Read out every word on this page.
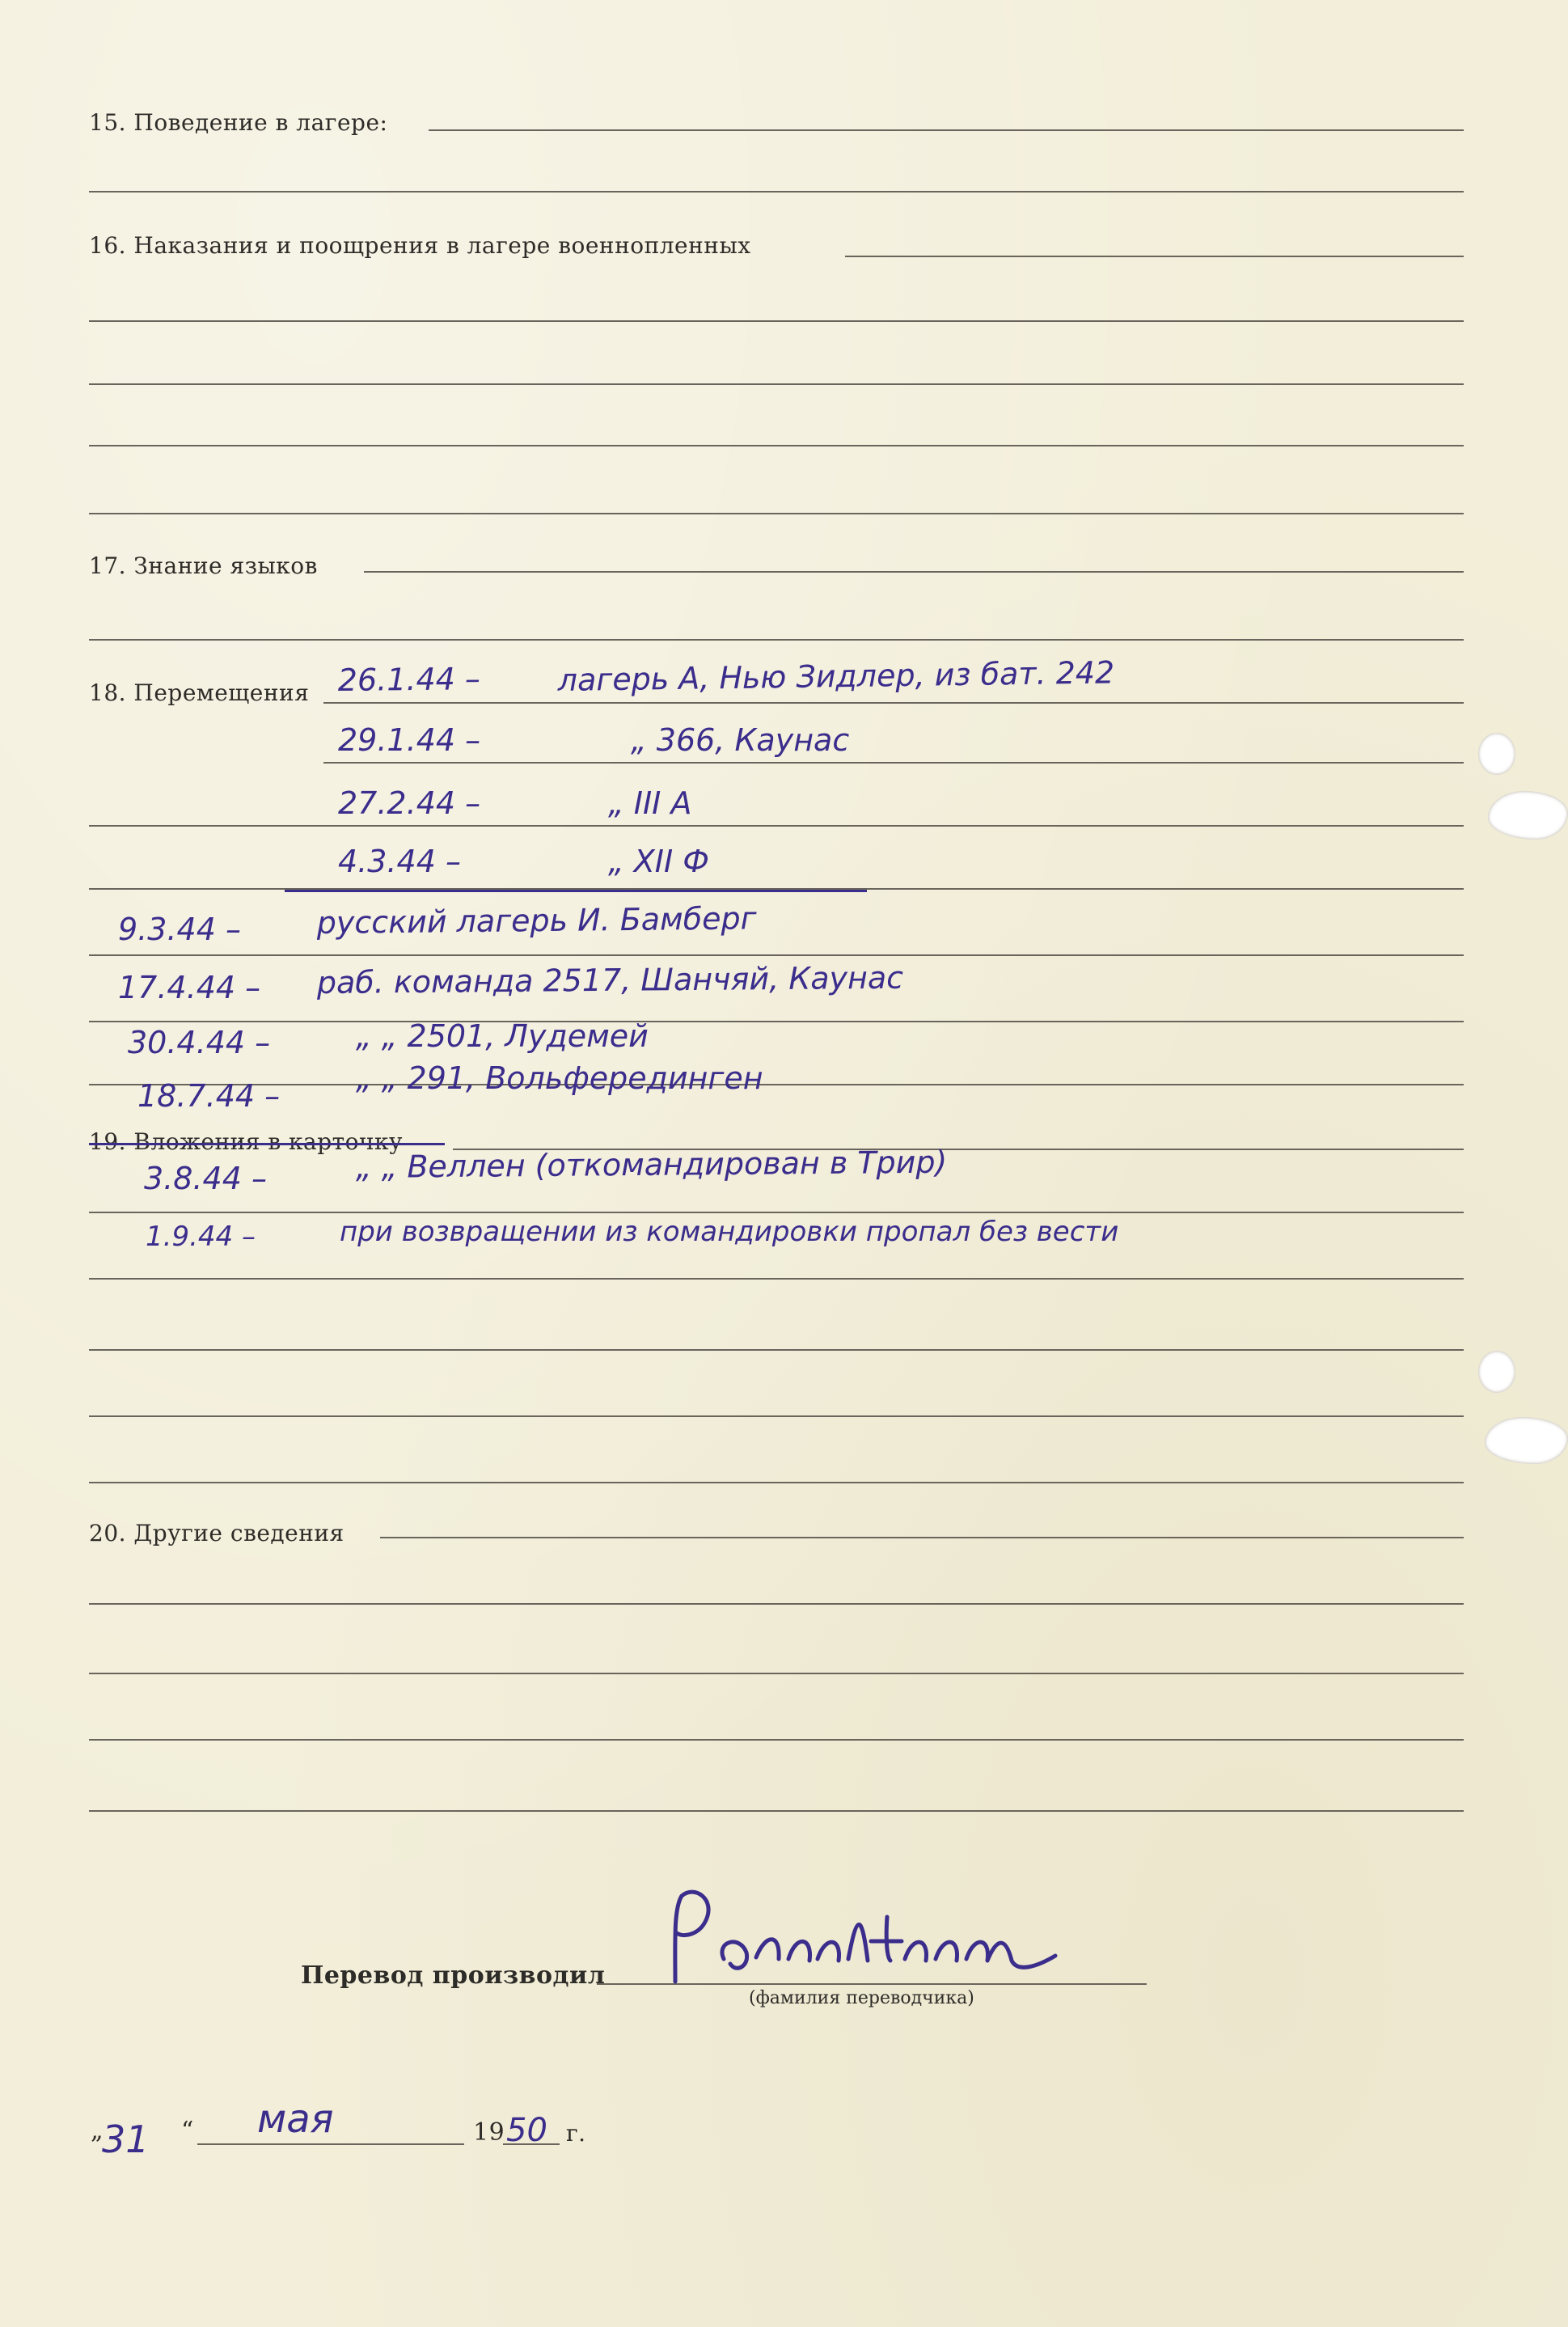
15. Поведение в лагере:
16. Наказания и поощрения в лагере военнопленных
17. Знание языков
18. Перемещения
19. Вложения в карточку
20. Другие сведения
26.1.44 –	лагерь А, Нью Зидлер, из бат. 242
29.1.44 –	„ 366, Каунас
27.2.44 –	„ III A
4.3.44 –	„ XII Ф
9.3.44 – русский лагерь И. Бамберг
17.4.44 – раб. команда 2517, Шанчяй, Каунас
30.4.44 –	„ „ 2501, Лудемей
18.7.44 – „ „ 291, Вольферединген
3.8.44 –	„ „ Веллен (откомандирован в Трир)
1.9.44 –	при возвращении из командировки пропал без вести
Перевод производил
(фамилия переводчика)
„
31 “ мая	19 50 г.
